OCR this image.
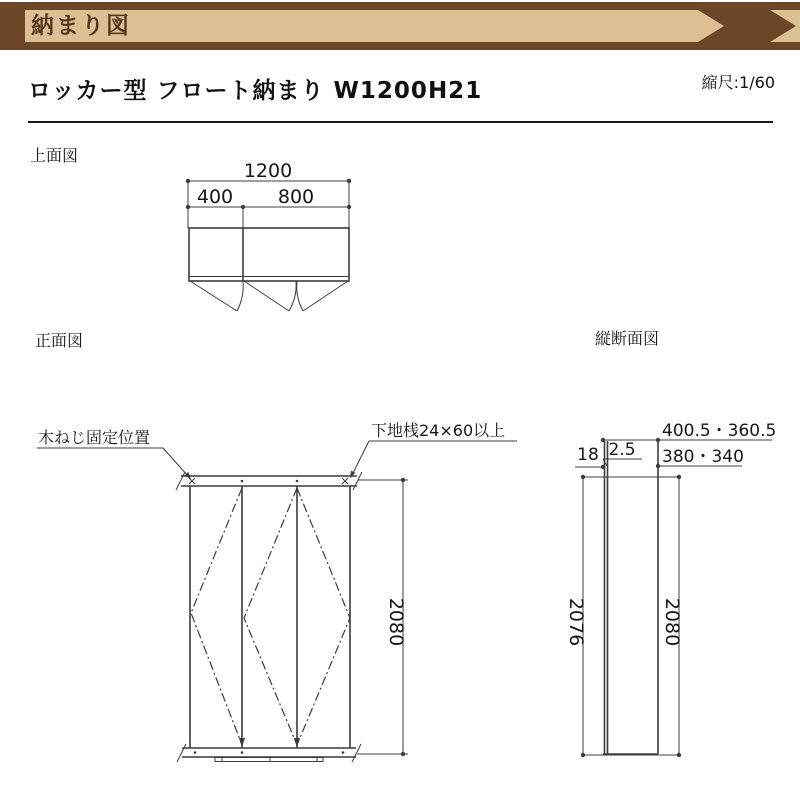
納まり図
ロッカー型 フロート納まり W1200H21	縮尺:1/60
上面図
1200
400 800
正面図
2080
木ねじ固定位置	下地桟24×60以上
縦断面図
400.5・360.5
18 2.5 380・340
2076	2080
